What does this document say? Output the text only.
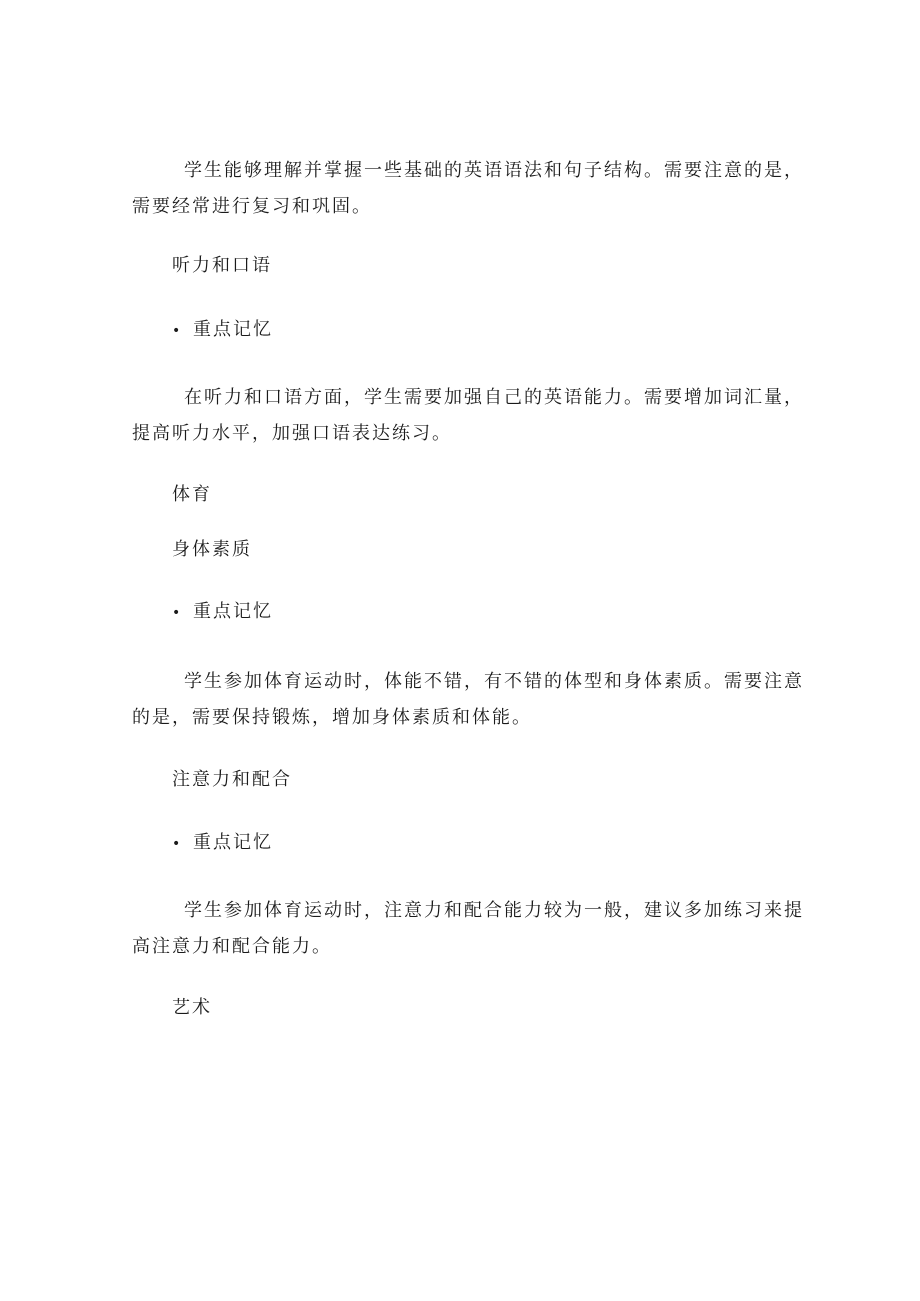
学生能够理解并掌握一些基础的英语语法和句子结构。需要注意的是，需要经常进行复习和巩固。
听力和口语
• 重点记忆
在听力和口语方面，学生需要加强自己的英语能力。需要增加词汇量，提高听力水平，加强口语表达练习。
体育
身体素质
• 重点记忆
学生参加体育运动时，体能不错，有不错的体型和身体素质。需要注意的是，需要保持锻炼，增加身体素质和体能。
注意力和配合
• 重点记忆
学生参加体育运动时，注意力和配合能力较为一般，建议多加练习来提高注意力和配合能力。
艺术
